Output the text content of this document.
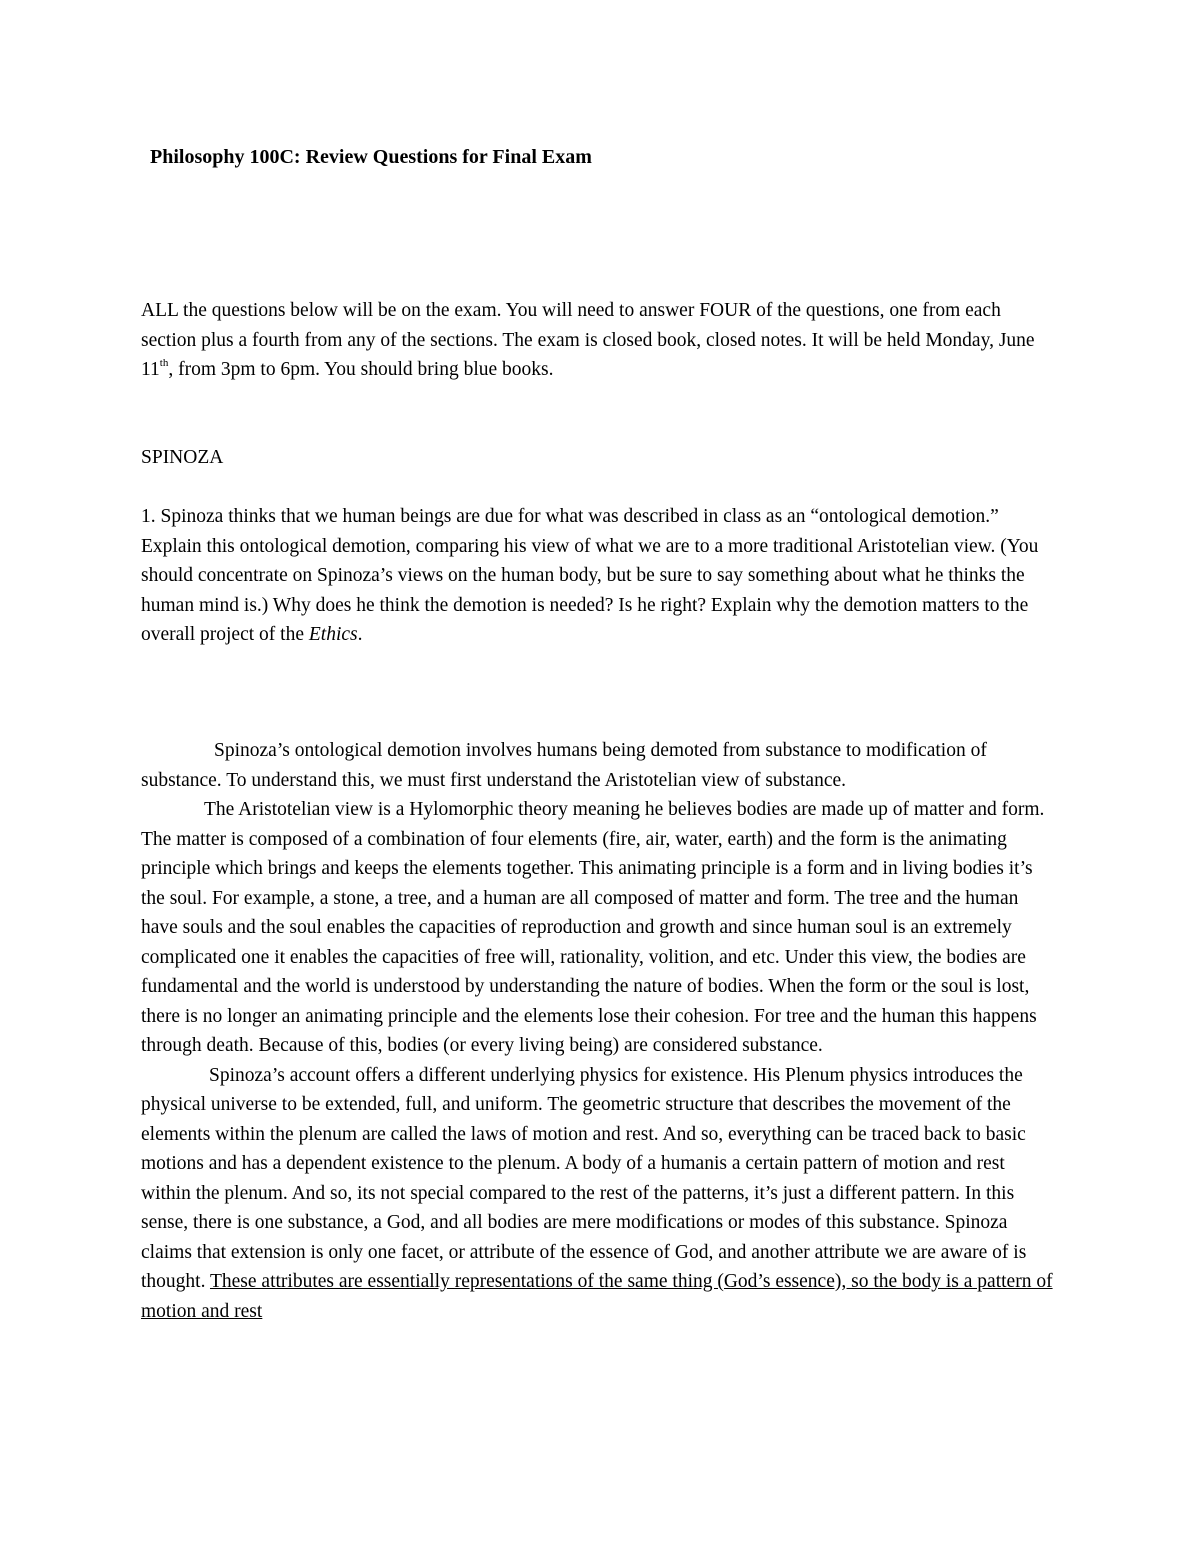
Philosophy 100C: Review Questions for Final Exam

ALL the questions below will be on the exam. You will need to answer FOUR of the questions, one from each section plus a fourth from any of the sections. The exam is closed book, closed notes. It will be held Monday, June 11th, from 3pm to 6pm. You should bring blue books.

SPINOZA

1. Spinoza thinks that we human beings are due for what was described in class as an “ontological demotion.” Explain this ontological demotion, comparing his view of what we are to a more traditional Aristotelian view. (You should concentrate on Spinoza’s views on the human body, but be sure to say something about what he thinks the human mind is.) Why does he think the demotion is needed? Is he right? Explain why the demotion matters to the overall project of the Ethics.

Spinoza’s ontological demotion involves humans being demoted from substance to modification of substance. To understand this, we must first understand the Aristotelian view of substance.

The Aristotelian view is a Hylomorphic theory meaning he believes bodies are made up of matter and form. The matter is composed of a combination of four elements (fire, air, water, earth) and the form is the animating principle which brings and keeps the elements together. This animating principle is a form and in living bodies it’s the soul. For example, a stone, a tree, and a human are all composed of matter and form. The tree and the human have souls and the soul enables the capacities of reproduction and growth and since human soul is an extremely complicated one it enables the capacities of free will, rationality, volition, and etc. Under this view, the bodies are fundamental and the world is understood by understanding the nature of bodies. When the form or the soul is lost, there is no longer an animating principle and the elements lose their cohesion. For tree and the human this happens through death. Because of this, bodies (or every living being) are considered substance.

Spinoza’s account offers a different underlying physics for existence. His Plenum physics introduces the physical universe to be extended, full, and uniform. The geometric structure that describes the movement of the elements within the plenum are called the laws of motion and rest. And so, everything can be traced back to basic motions and has a dependent existence to the plenum. A body of a humanis a certain pattern of motion and rest within the plenum. And so, its not special compared to the rest of the patterns, it’s just a different pattern. In this sense, there is one substance, a God, and all bodies are mere modifications or modes of this substance. Spinoza claims that extension is only one facet, or attribute of the essence of God, and another attribute we are aware of is thought. These attributes are essentially representations of the same thing (God’s essence), so the body is a pattern of motion and rest
